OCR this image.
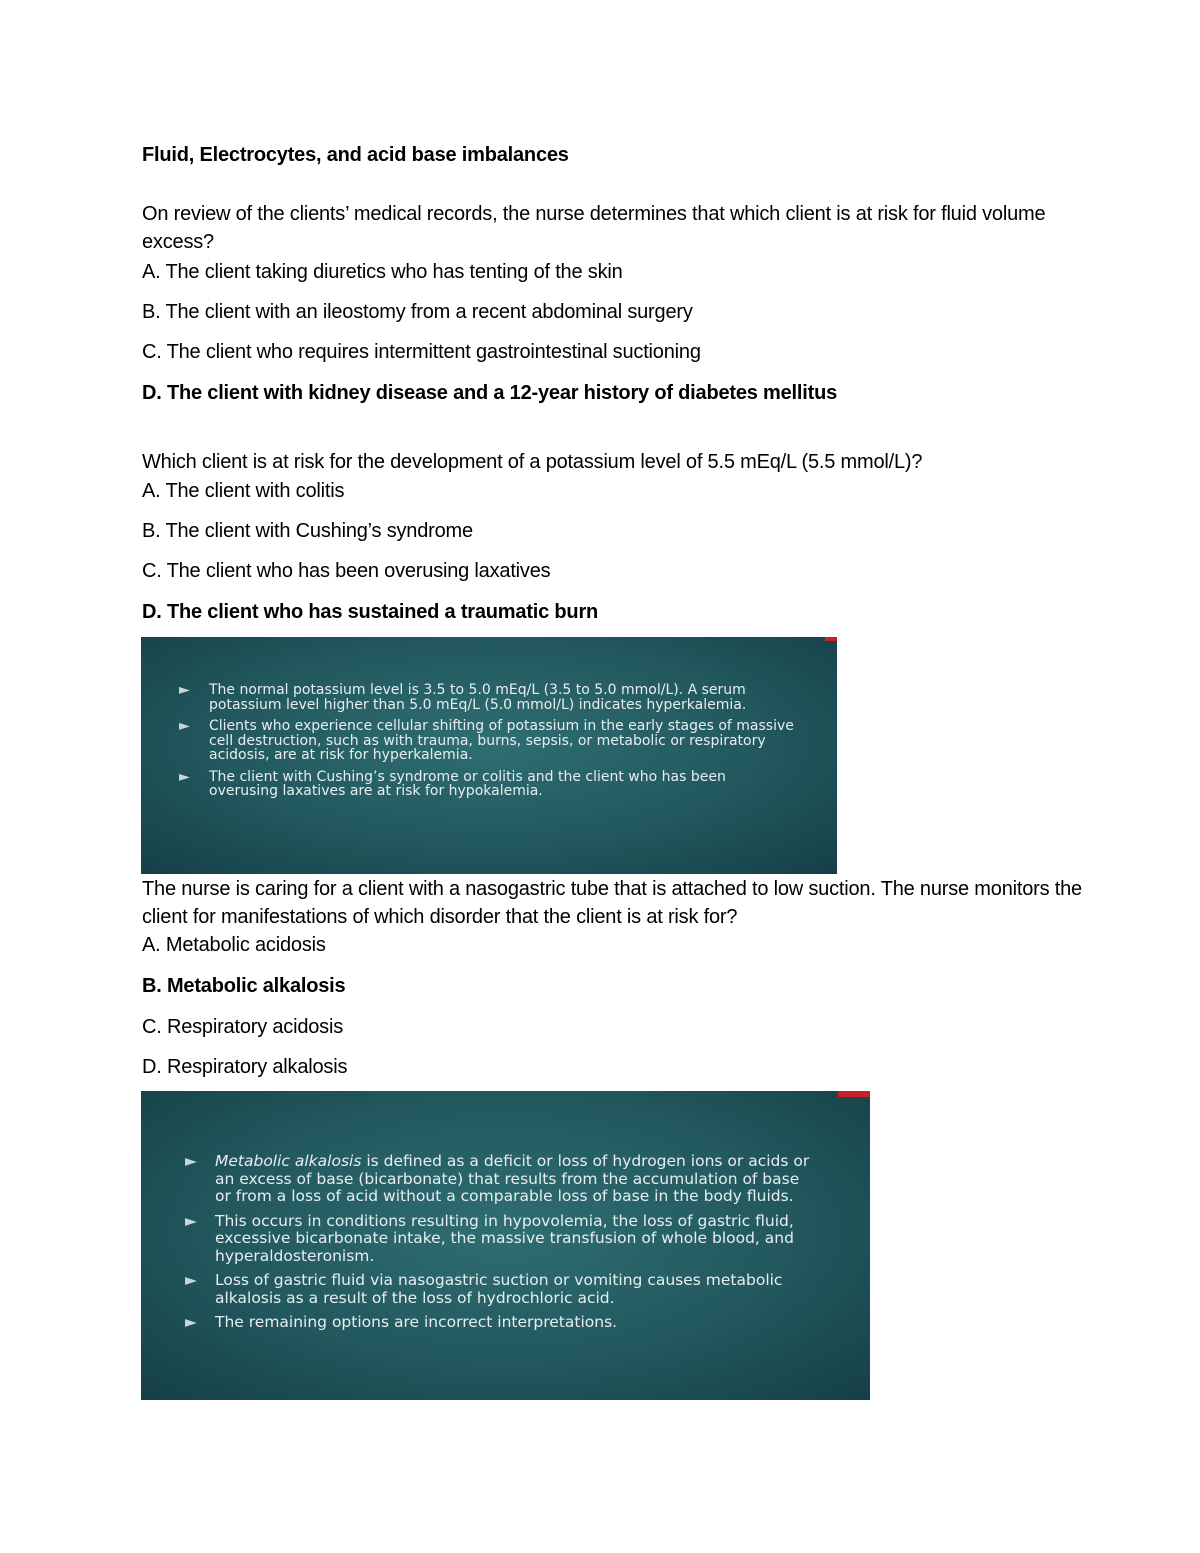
Fluid, Electrocytes, and acid base imbalances
On review of the clients’ medical records, the nurse determines that which client is at risk for fluid volume excess?
A. The client taking diuretics who has tenting of the skin
B. The client with an ileostomy from a recent abdominal surgery
C. The client who requires intermittent gastrointestinal suctioning
D. The client with kidney disease and a 12-year history of diabetes mellitus
Which client is at risk for the development of a potassium level of 5.5 mEq/L (5.5 mmol/L)?
A. The client with colitis
B. The client with Cushing’s syndrome
C. The client who has been overusing laxatives
D. The client who has sustained a traumatic burn
► The normal potassium level is 3.5 to 5.0 mEq/L (3.5 to 5.0 mmol/L). A serum potassium level higher than 5.0 mEq/L (5.0 mmol/L) indicates hyperkalemia.
► Clients who experience cellular shifting of potassium in the early stages of massive cell destruction, such as with trauma, burns, sepsis, or metabolic or respiratory acidosis, are at risk for hyperkalemia.
► The client with Cushing’s syndrome or colitis and the client who has been overusing laxatives are at risk for hypokalemia.
The nurse is caring for a client with a nasogastric tube that is attached to low suction. The nurse monitors the client for manifestations of which disorder that the client is at risk for?
A. Metabolic acidosis
B. Metabolic alkalosis
C. Respiratory acidosis
D. Respiratory alkalosis
► Metabolic alkalosis is defined as a deficit or loss of hydrogen ions or acids or an excess of base (bicarbonate) that results from the accumulation of base or from a loss of acid without a comparable loss of base in the body fluids.
► This occurs in conditions resulting in hypovolemia, the loss of gastric fluid, excessive bicarbonate intake, the massive transfusion of whole blood, and hyperaldosteronism.
► Loss of gastric fluid via nasogastric suction or vomiting causes metabolic alkalosis as a result of the loss of hydrochloric acid.
► The remaining options are incorrect interpretations.
